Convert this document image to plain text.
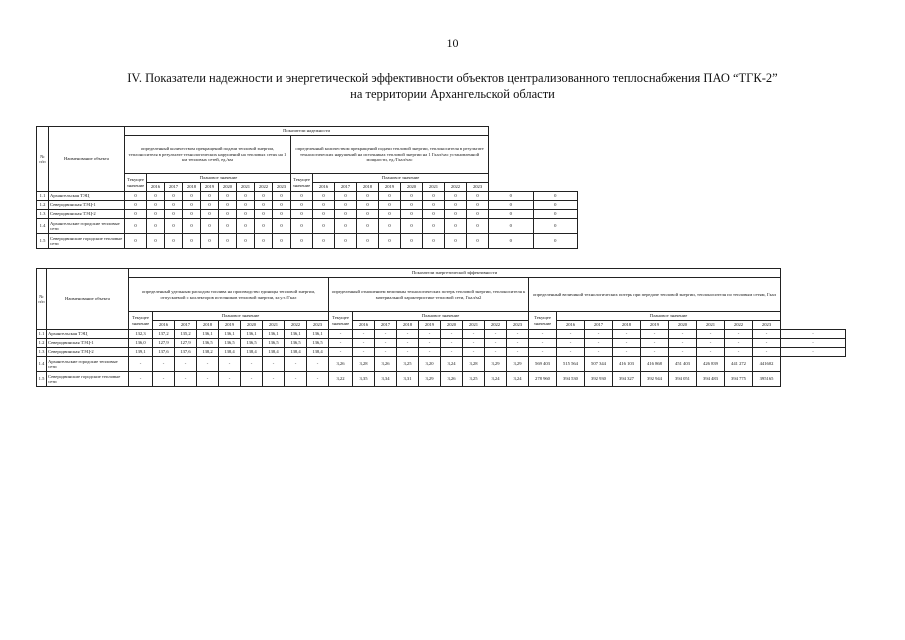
10
IV. Показатели надежности и энергетической эффективности объектов централизованного теплоснабжения ПАО “ТГК-2”
на территории Архангельской области
№ п/п	Наименование объекта	Показатели надежности																			
		определенный количеством прекращений подачи тепловой энергии, теплоносителя в результате технологических нарушений на тепловых сетях на 1 км тепловых сетей, ед./км									определенный количеством прекращений подачи тепловой энергии, теплоносителя в результате технологических нарушений на источниках тепловой энергии на 1 Гкал/час установленной мощности, ед./Гкал/час										
		Текущее значение	Плановое значение								Текущее значение	Плановое значение									
			2016	2017	2018	2019	2020	2021	2022	2023		2016	2017	2018	2019	2020	2021	2022	2023		
1.1	Архангельская ТЭЦ	0	0	0	0	0	0	0	0	0	0	0	0	0	0	0	0	0	0	0	0
1.2	Северодвинская ТЭЦ-1	0	0	0	0	0	0	0	0	0	0	0	0	0	0	0	0	0	0	0	0
1.3	Северодвинская ТЭЦ-2	0	0	0	0	0	0	0	0	0	0	0	0	0	0	0	0	0	0	0	0
1.4	Архангельские городские тепловые сети	0	0	0	0	0	0	0	0	0	0	0	0	0	0	0	0	0	0	0	0
1.5	Северодвинские городские тепловые сети	0	0	0	0	0	0	0	0	0	0	0	0	0	0	0	0	0	0	0	0
№ п/п	Наименование объекта	Показатели энергетической эффективности																											
		определенный удельным расходом топлива на производство единицы тепловой энергии, отпускаемой с коллекторов источников тепловой энергии, кг.у.т./Гкал									определенный отношением величины технологических потерь тепловой энергии, теплоносителя к материальной характеристике тепловой сети, Гкал/м2									определенный величиной технологических потерь при передаче тепловой энергии, теплоносителя по тепловым сетям, Гкал									
		Текущее значение	Плановое значение								Текущее значение	Плановое значение								Текущее значение	Плановое значение								
			2016	2017	2018	2019	2020	2021	2022	2023		2016	2017	2018	2019	2020	2021	2022	2023		2016	2017	2018	2019	2020	2021	2022	2023	
1.1	Архангельская ТЭЦ	132,3	137,2	135,2	136,1	136,1	136,1	136,1	136,1	136,1	-	-	-	-	-	-	-	-	-	-	-	-	-	-	-	-	-	-	-
1.2	Северодвинская ТЭЦ-1	136,0	127,9	127,9	136,5	136,5	136,5	136,5	136,5	136,5	-	-	-	-	-	-	-	-	-	-	-	-	-	-	-	-	-	-	-
1.3	Северодвинская ТЭЦ-2	139,1	137,6	137,6	138,2	138,4	138,4	138,4	138,4	138,4	-	-	-	-	-	-	-	-	-	-	-	-	-	-	-	-	-	-	-
1.4	Архангельские городские тепловые сети	-	-	-	-	-	-	-	-	-	3,26	3,28	3,26	3,25	3,20	3,24	3,28	3,29	3,29	569 403	515 564	507 344	416 103	416 868	451 403	426 839	441 272	441602	
1.5	Северодвинские городские тепловые сети	-	-	-	-	-	-	-	-	-	3,22	3,35	3,34	3,31	3,29	3,26	3,25	3,24	3,24	278 960	394 530	392 930	394 327	392 944	394 051	394 483	394 775	395165	
